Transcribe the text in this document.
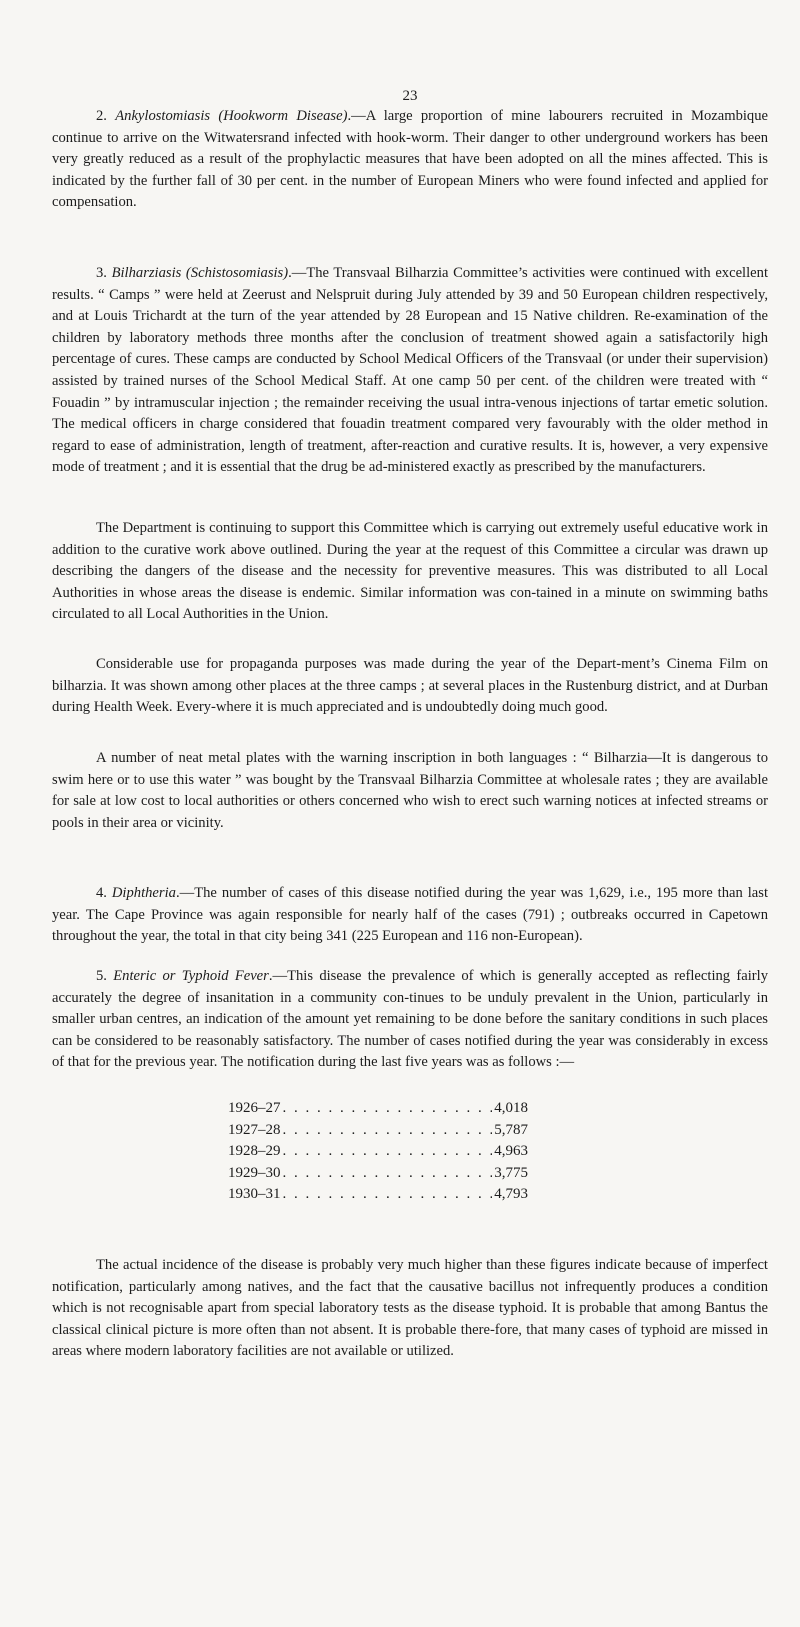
23

2. Ankylostomiasis (Hookworm Disease).—A large proportion of mine labourers recruited in Mozambique continue to arrive on the Witwatersrand infected with hook-worm. Their danger to other underground workers has been very greatly reduced as a result of the prophylactic measures that have been adopted on all the mines affected. This is indicated by the further fall of 30 per cent. in the number of European Miners who were found infected and applied for compensation.

3. Bilharziasis (Schistosomiasis).—The Transvaal Bilharzia Committee’s activities were continued with excellent results. “ Camps ” were held at Zeerust and Nelspruit during July attended by 39 and 50 European children respectively, and at Louis Trichardt at the turn of the year attended by 28 European and 15 Native children. Re-examination of the children by laboratory methods three months after the conclusion of treatment showed again a satisfactorily high percentage of cures. These camps are conducted by School Medical Officers of the Transvaal (or under their supervision) assisted by trained nurses of the School Medical Staff. At one camp 50 per cent. of the children were treated with “ Fouadin ” by intramuscular injection ; the remainder receiving the usual intra-venous injections of tartar emetic solution. The medical officers in charge considered that fouadin treatment compared very favourably with the older method in regard to ease of administration, length of treatment, after-reaction and curative results. It is, however, a very expensive mode of treatment ; and it is essential that the drug be ad-ministered exactly as prescribed by the manufacturers.

The Department is continuing to support this Committee which is carrying out extremely useful educative work in addition to the curative work above outlined. During the year at the request of this Committee a circular was drawn up describing the dangers of the disease and the necessity for preventive measures. This was distributed to all Local Authorities in whose areas the disease is endemic. Similar information was con-tained in a minute on swimming baths circulated to all Local Authorities in the Union.

Considerable use for propaganda purposes was made during the year of the Depart-ment’s Cinema Film on bilharzia. It was shown among other places at the three camps ; at several places in the Rustenburg district, and at Durban during Health Week. Every-where it is much appreciated and is undoubtedly doing much good.

A number of neat metal plates with the warning inscription in both languages : “ Bilharzia—It is dangerous to swim here or to use this water ” was bought by the Transvaal Bilharzia Committee at wholesale rates ; they are available for sale at low cost to local authorities or others concerned who wish to erect such warning notices at infected streams or pools in their area or vicinity.

4. Diphtheria.—The number of cases of this disease notified during the year was 1,629, i.e., 195 more than last year. The Cape Province was again responsible for nearly half of the cases (791) ; outbreaks occurred in Capetown throughout the year, the total in that city being 341 (225 European and 116 non-European).

5. Enteric or Typhoid Fever.—This disease the prevalence of which is generally accepted as reflecting fairly accurately the degree of insanitation in a community con-tinues to be unduly prevalent in the Union, particularly in smaller urban centres, an indication of the amount yet remaining to be done before the sanitary conditions in such places can be considered to be reasonably satisfactory. The number of cases notified during the year was considerably in excess of that for the previous year. The notification during the last five years was as follows :—

1926–27 . . .	4,018
1927–28 . . .	5,787
1928–29 . . .	4,963
1929–30 . . .	3,775
1930–31 . . .	4,793

The actual incidence of the disease is probably very much higher than these figures indicate because of imperfect notification, particularly among natives, and the fact that the causative bacillus not infrequently produces a condition which is not recognisable apart from special laboratory tests as the disease typhoid. It is probable that among Bantus the classical clinical picture is more often than not absent. It is probable there-fore, that many cases of typhoid are missed in areas where modern laboratory facilities are not available or utilized.
